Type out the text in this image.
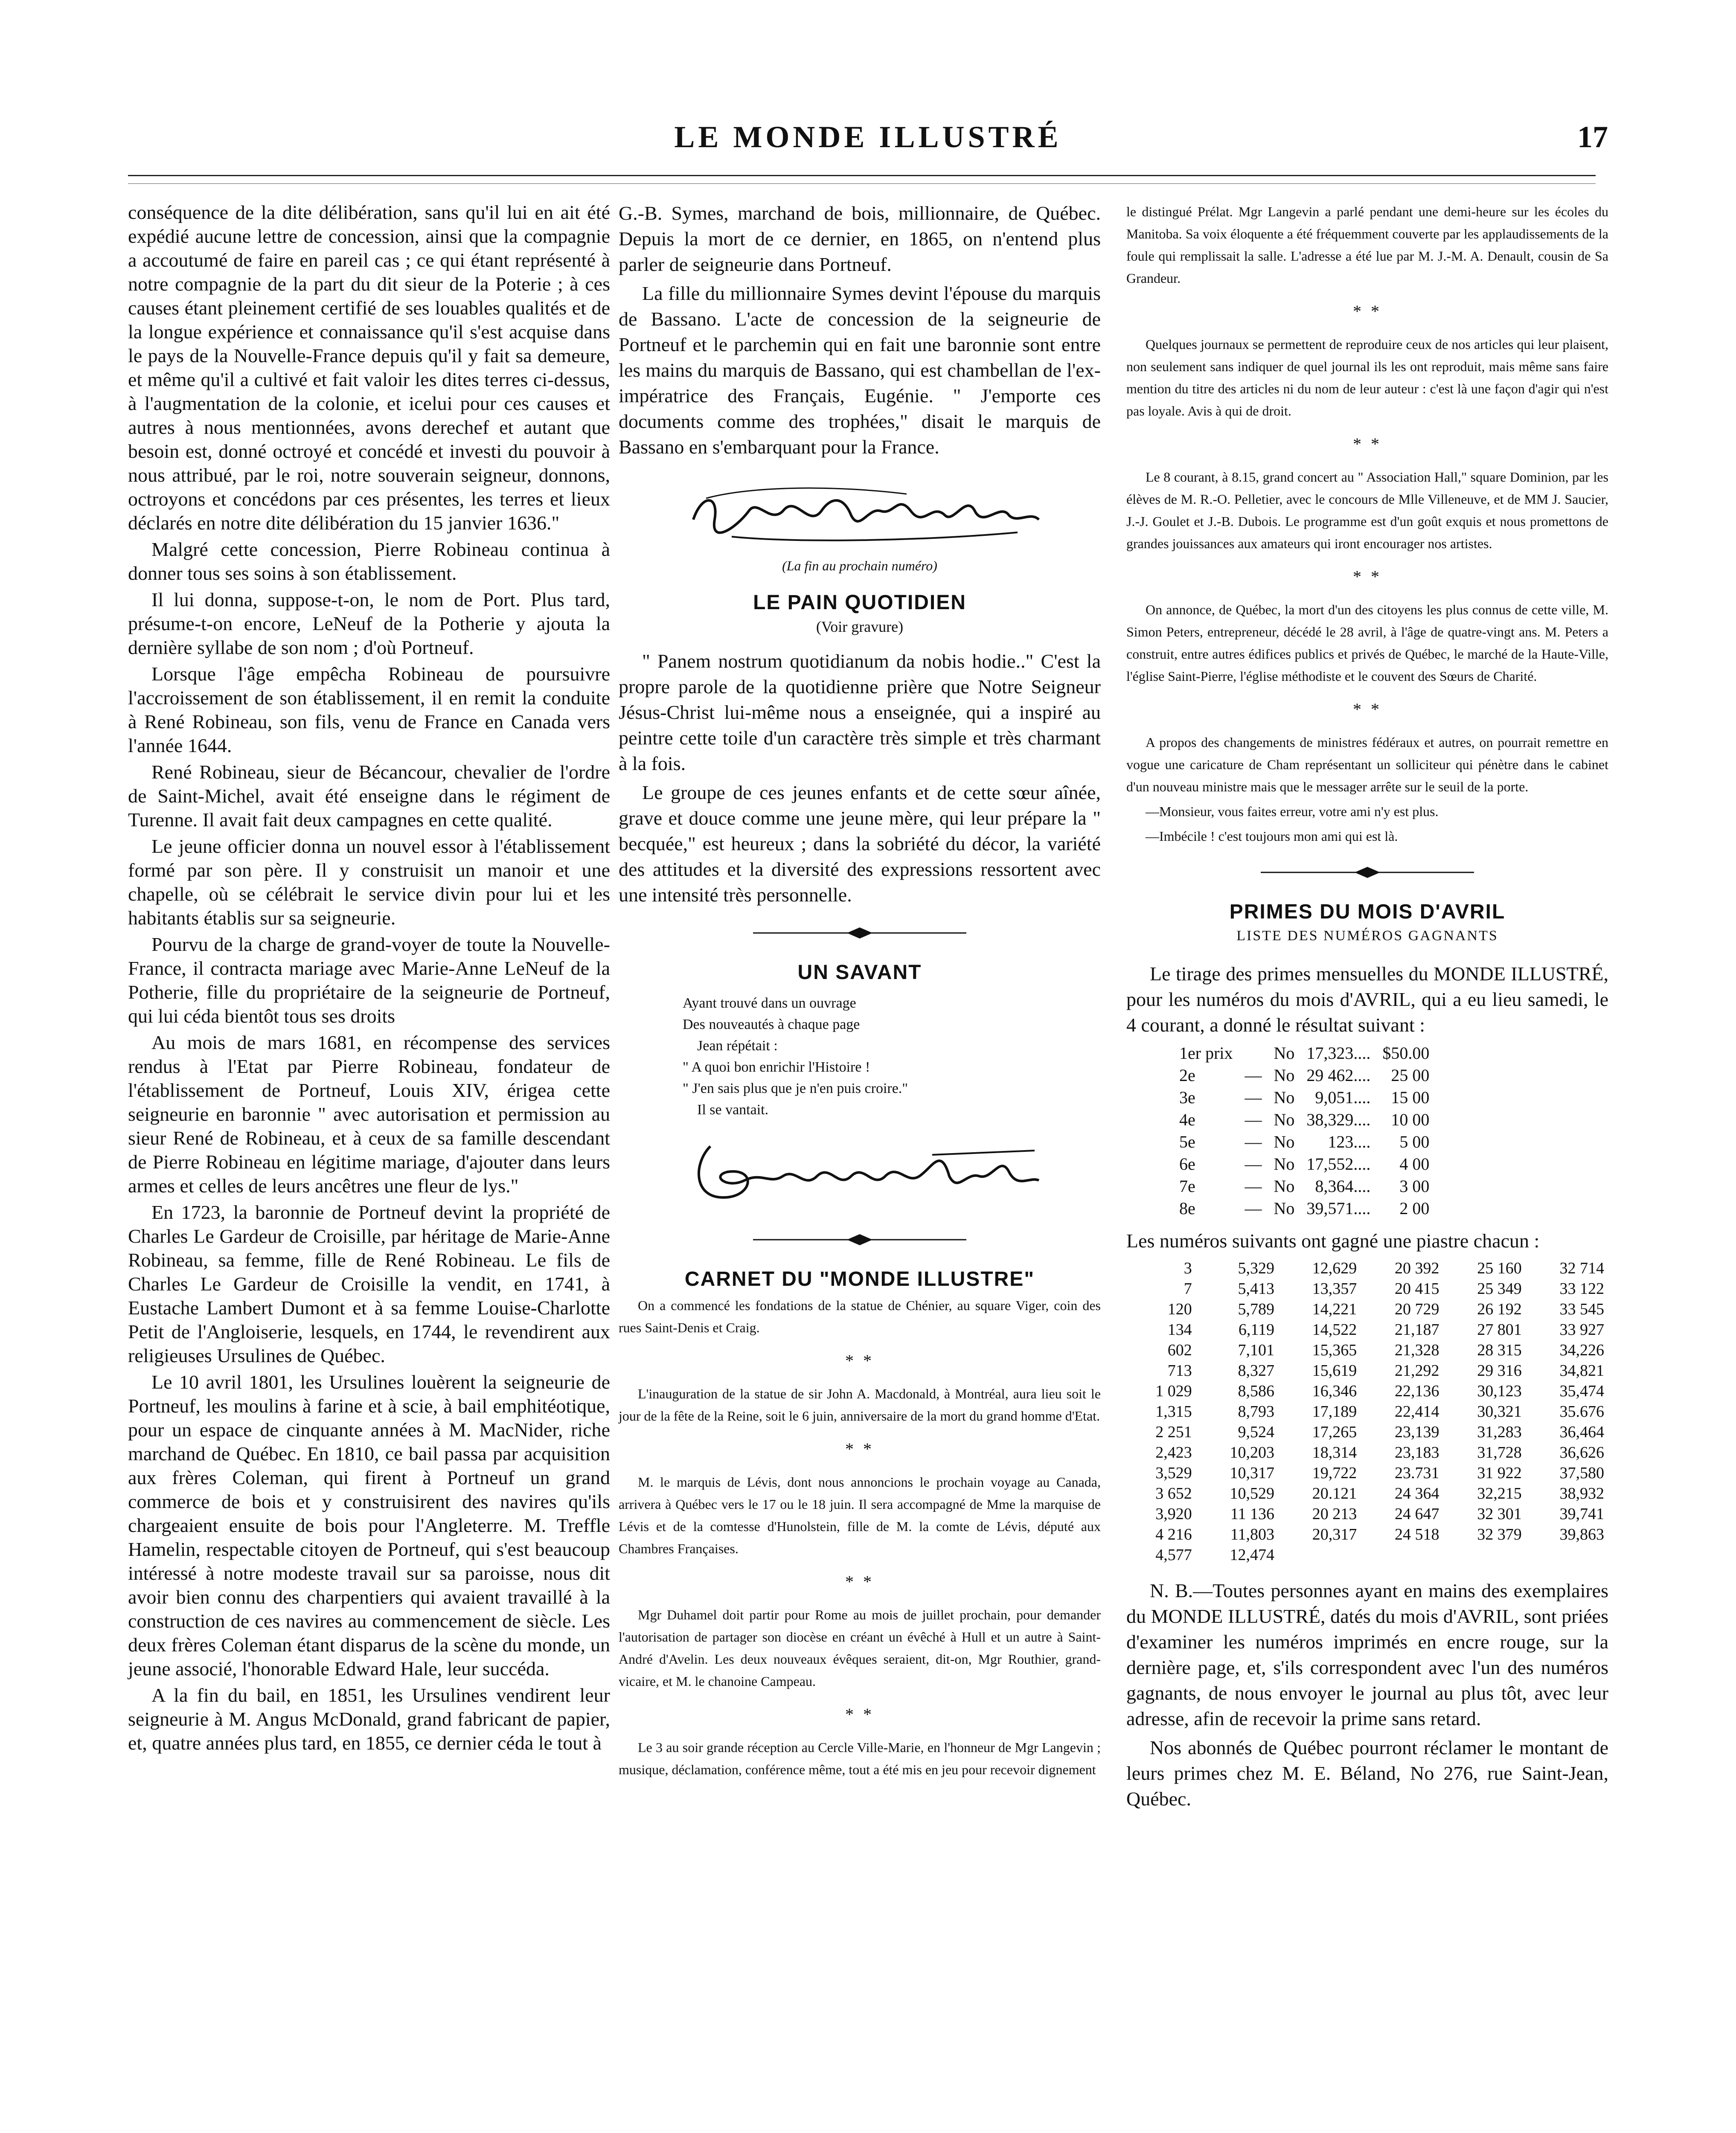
LE MONDE ILLUSTRÉ	17

conséquence de la dite délibération, sans qu'il lui en ait été expédié aucune lettre de concession, ainsi que la compagnie a accoutumé de faire en pareil cas ; ce qui étant représenté à notre compagnie de la part du dit sieur de la Poterie ; à ces causes étant pleinement certifié de ses louables qualités et de la longue expérience et connaissance qu'il s'est acquise dans le pays de la Nouvelle-France depuis qu'il y fait sa demeure, et même qu'il a cultivé et fait valoir les dites terres ci-dessus, à l'augmentation de la colonie, et icelui pour ces causes et autres à nous mentionnées, avons derechef et autant que besoin est, donné octroyé et concédé et investi du pouvoir à nous attribué, par le roi, notre souverain seigneur, donnons, octroyons et concédons par ces présentes, les terres et lieux déclarés en notre dite délibération du 15 janvier 1636."

Malgré cette concession, Pierre Robineau continua à donner tous ses soins à son établissement.

Il lui donna, suppose-t-on, le nom de Port. Plus tard, présume-t-on encore, LeNeuf de la Potherie y ajouta la dernière syllabe de son nom ; d'où Portneuf.

Lorsque l'âge empêcha Robineau de poursuivre l'accroissement de son établissement, il en remit la conduite à René Robineau, son fils, venu de France en Canada vers l'année 1644.

René Robineau, sieur de Bécancour, chevalier de l'ordre de Saint-Michel, avait été enseigne dans le régiment de Turenne. Il avait fait deux campagnes en cette qualité.

Le jeune officier donna un nouvel essor à l'établissement formé par son père. Il y construisit un manoir et une chapelle, où se célébrait le service divin pour lui et les habitants établis sur sa seigneurie.

Pourvu de la charge de grand-voyer de toute la Nouvelle-France, il contracta mariage avec Marie-Anne LeNeuf de la Potherie, fille du propriétaire de la seigneurie de Portneuf, qui lui céda bientôt tous ses droits

Au mois de mars 1681, en récompense des services rendus à l'Etat par Pierre Robineau, fondateur de l'établissement de Portneuf, Louis XIV, érigea cette seigneurie en baronnie " avec autorisation et permission au sieur René de Robineau, et à ceux de sa famille descendant de Pierre Robineau en légitime mariage, d'ajouter dans leurs armes et celles de leurs ancêtres une fleur de lys."

En 1723, la baronnie de Portneuf devint la propriété de Charles Le Gardeur de Croisille, par héritage de Marie-Anne Robineau, sa femme, fille de René Robineau. Le fils de Charles Le Gardeur de Croisille la vendit, en 1741, à Eustache Lambert Dumont et à sa femme Louise-Charlotte Petit de l'Angloiserie, lesquels, en 1744, le revendirent aux religieuses Ursulines de Québec.

Le 10 avril 1801, les Ursulines louèrent la seigneurie de Portneuf, les moulins à farine et à scie, à bail emphitéotique, pour un espace de cinquante années à M. MacNider, riche marchand de Québec. En 1810, ce bail passa par acquisition aux frères Coleman, qui firent à Portneuf un grand commerce de bois et y construisirent des navires qu'ils chargeaient ensuite de bois pour l'Angleterre. M. Treffle Hamelin, respectable citoyen de Portneuf, qui s'est beaucoup intéressé à notre modeste travail sur sa paroisse, nous dit avoir bien connu des charpentiers qui avaient travaillé à la construction de ces navires au commencement de siècle. Les deux frères Coleman étant disparus de la scène du monde, un jeune associé, l'honorable Edward Hale, leur succéda.

A la fin du bail, en 1851, les Ursulines vendirent leur seigneurie à M. Angus McDonald, grand fabricant de papier, et, quatre années plus tard, en 1855, ce dernier céda le tout à

G.-B. Symes, marchand de bois, millionnaire, de Québec. Depuis la mort de ce dernier, en 1865, on n'entend plus parler de seigneurie dans Portneuf.

La fille du millionnaire Symes devint l'épouse du marquis de Bassano. L'acte de concession de la seigneurie de Portneuf et le parchemin qui en fait une baronnie sont entre les mains du marquis de Bassano, qui est chambellan de l'ex-impératrice des Français, Eugénie. " J'emporte ces documents comme des trophées," disait le marquis de Bassano en s'embarquant pour la France.

(La fin au prochain numéro)
LE PAIN QUOTIDIEN
(Voir gravure)

" Panem nostrum quotidianum da nobis hodie.." C'est la propre parole de la quotidienne prière que Notre Seigneur Jésus-Christ lui-même nous a enseignée, qui a inspiré au peintre cette toile d'un caractère très simple et très charmant à la fois.

Le groupe de ces jeunes enfants et de cette sœur aînée, grave et douce comme une jeune mère, qui leur prépare la " becquée," est heureux ; dans la sobriété du décor, la variété des attitudes et la diversité des expressions ressortent avec une intensité très personnelle.

UN SAVANT
Ayant trouvé dans un ouvrage
Des nouveautés à chaque page
Jean répétait :
" A quoi bon enrichir l'Histoire !
" J'en sais plus que je n'en puis croire."
Il se vantait.
CARNET DU "MONDE ILLUSTRE"

On a commencé les fondations de la statue de Chénier, au square Viger, coin des rues Saint-Denis et Craig.

* *

L'inauguration de la statue de sir John A. Macdonald, à Montréal, aura lieu soit le jour de la fête de la Reine, soit le 6 juin, anniversaire de la mort du grand homme d'Etat.

* *

M. le marquis de Lévis, dont nous annoncions le prochain voyage au Canada, arrivera à Québec vers le 17 ou le 18 juin. Il sera accompagné de Mme la marquise de Lévis et de la comtesse d'Hunolstein, fille de M. la comte de Lévis, député aux Chambres Françaises.

* *

Mgr Duhamel doit partir pour Rome au mois de juillet prochain, pour demander l'autorisation de partager son diocèse en créant un évêché à Hull et un autre à Saint-André d'Avelin. Les deux nouveaux évêques seraient, dit-on, Mgr Routhier, grand-vicaire, et M. le chanoine Campeau.

* *

Le 3 au soir grande réception au Cercle Ville-Marie, en l'honneur de Mgr Langevin ; musique, déclamation, conférence même, tout a été mis en jeu pour recevoir dignement

le distingué Prélat. Mgr Langevin a parlé pendant une demi-heure sur les écoles du Manitoba. Sa voix éloquente a été fréquemment couverte par les applaudissements de la foule qui remplissait la salle. L'adresse a été lue par M. J.-M. A. Denault, cousin de Sa Grandeur.

* *

Quelques journaux se permettent de reproduire ceux de nos articles qui leur plaisent, non seulement sans indiquer de quel journal ils les ont reproduit, mais même sans faire mention du titre des articles ni du nom de leur auteur : c'est là une façon d'agir qui n'est pas loyale. Avis à qui de droit.

* *

Le 8 courant, à 8.15, grand concert au " Association Hall," square Dominion, par les élèves de M. R.-O. Pelletier, avec le concours de Mlle Villeneuve, et de MM J. Saucier, J.-J. Goulet et J.-B. Dubois. Le programme est d'un goût exquis et nous promettons de grandes jouissances aux amateurs qui iront encourager nos artistes.

* *

On annonce, de Québec, la mort d'un des citoyens les plus connus de cette ville, M. Simon Peters, entrepreneur, décédé le 28 avril, à l'âge de quatre-vingt ans. M. Peters a construit, entre autres édifices publics et privés de Québec, le marché de la Haute-Ville, l'église Saint-Pierre, l'église méthodiste et le couvent des Sœurs de Charité.

* *

A propos des changements de ministres fédéraux et autres, on pourrait remettre en vogue une caricature de Cham représentant un solliciteur qui pénètre dans le cabinet d'un nouveau ministre mais que le messager arrête sur le seuil de la porte.

—Monsieur, vous faites erreur, votre ami n'y est plus.

—Imbécile ! c'est toujours mon ami qui est là.

PRIMES DU MOIS D'AVRIL
LISTE DES NUMÉROS GAGNANTS

Le tirage des primes mensuelles du MONDE ILLUSTRÉ, pour les numéros du mois d'AVRIL, qui a eu lieu samedi, le 4 courant, a donné le résultat suivant :

1er prix		No	17,323....	$50.00
2e	—	No	29 462....	25 00
3e	—	No	9,051....	15 00
4e	—	No	38,329....	10 00
5e	—	No	123....	5 00
6e	—	No	17,552....	4 00
7e	—	No	8,364....	3 00
8e	—	No	39,571....	2 00

Les numéros suivants ont gagné une piastre chacun :

3	5,329	12,629	20 392	25 160	32 714
7	5,413	13,357	20 415	25 349	33 122
120	5,789	14,221	20 729	26 192	33 545
134	6,119	14,522	21,187	27 801	33 927
602	7,101	15,365	21,328	28 315	34,226
713	8,327	15,619	21,292	29 316	34,821
1 029	8,586	16,346	22,136	30,123	35,474
1,315	8,793	17,189	22,414	30,321	35.676
2 251	9,524	17,265	23,139	31,283	36,464
2,423	10,203	18,314	23,183	31,728	36,626
3,529	10,317	19,722	23.731	31 922	37,580
3 652	10,529	20.121	24 364	32,215	38,932
3,920	11 136	20 213	24 647	32 301	39,741
4 216	11,803	20,317	24 518	32 379	39,863
4,577	12,474				

N. B.—Toutes personnes ayant en mains des exemplaires du MONDE ILLUSTRÉ, datés du mois d'AVRIL, sont priées d'examiner les numéros imprimés en encre rouge, sur la dernière page, et, s'ils correspondent avec l'un des numéros gagnants, de nous envoyer le journal au plus tôt, avec leur adresse, afin de recevoir la prime sans retard.

Nos abonnés de Québec pourront réclamer le montant de leurs primes chez M. E. Béland, No 276, rue Saint-Jean, Québec.
